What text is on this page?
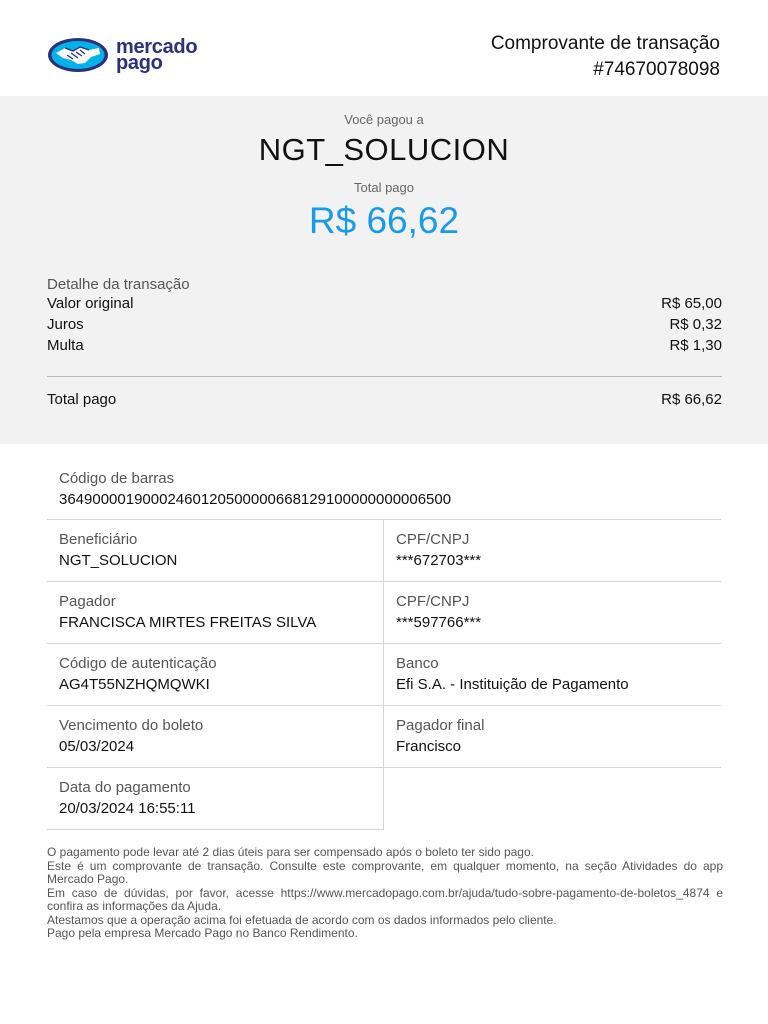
mercado
pago
Comprovante de transação
#74670078098
Você pagou a
NGT_SOLUCION
Total pago
R$ 66,62
Detalhe da transação
Valor original	R$ 65,00
Juros	R$ 0,32
Multa	R$ 1,30
Total pago	R$ 66,62
Código de barras
36490000190002460120500000668129100000000006500
Beneficiário
NGT_SOLUCION
CPF/CNPJ
***672703***
Pagador
FRANCISCA MIRTES FREITAS SILVA
CPF/CNPJ
***597766***
Código de autenticação
AG4T55NZHQMQWKI
Banco
Efi S.A. - Instituição de Pagamento
Vencimento do boleto
05/03/2024
Pagador final
Francisco
Data do pagamento
20/03/2024 16:55:11

O pagamento pode levar até 2 dias úteis para ser compensado após o boleto ter sido pago.

Este é um comprovante de transação. Consulte este comprovante, em qualquer momento, na seção Atividades do app Mercado Pago.

Em caso de dúvidas, por favor, acesse https://www.mercadopago.com.br/ajuda/tudo-sobre-pagamento-de-boletos_4874 e confira as informações da Ajuda.

Atestamos que a operação acima foi efetuada de acordo com os dados informados pelo cliente.

Pago pela empresa Mercado Pago no Banco Rendimento.
